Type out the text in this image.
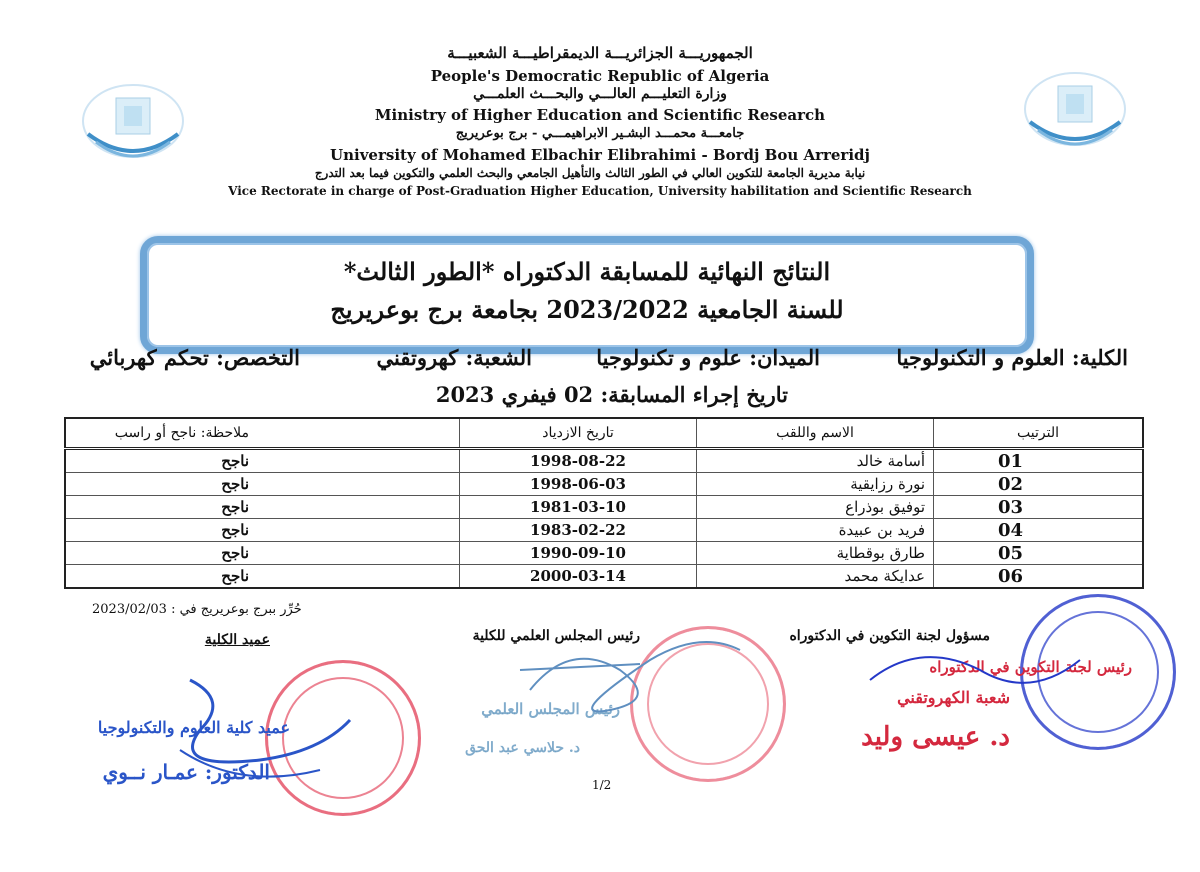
الجمهوريـــة الجزائريـــة الديمقراطيـــة الشعبيـــة
People's Democratic Republic of Algeria
وزارة التعليـــم العالـــي والبحـــث العلمـــي
Ministry of Higher Education and Scientific Research
جامعـــة محمـــد البشـير الابراهيمـــي - برج بوعريريج
University of Mohamed Elbachir Elibrahimi - Bordj Bou Arreridj
نيابة مديرية الجامعة للتكوين العالي في الطور الثالث والتأهيل الجامعي والبحث العلمي والتكوين فيما بعد التدرج
Vice Rectorate in charge of Post-Graduation Higher Education, University habilitation and Scientific Research
النتائج النهائية للمسابقة الدكتوراه *الطور الثالث*
للسنة الجامعية 2023/2022 بجامعة برج بوعريريج
الكلية: العلوم و التكنولوجيا
الميدان: علوم و تكنولوجيا
الشعبة: كهروتقني
التخصص: تحكم كهربائي
تاريخ إجراء المسابقة: 02 فيفري 2023
ملاحظة: ناجح أو راسب	تاريخ الازدياد	الاسم واللقب	الترتيب
ناجح	1998-08-22	أسامة خالد	01
ناجح	1998-06-03	نورة رزايقية	02
ناجح	1981-03-10	توفيق بوذراع	03
ناجح	1983-02-22	فريد بن عبيدة	04
ناجح	1990-09-10	طارق بوقطاية	05
ناجح	2000-03-14	عدايكة محمد	06
حُرِّر ببرج بوعريريج في : 2023/02/03
مسؤول لجنة التكوين في الدكتوراه
رئيس المجلس العلمي للكلية
عميد الكلية
عميد كلية العلوم والتكنولوجيا
الدكتور: عمـار نــوي
رئيس المجلس العلمي
د. حلاسي عبد الحق
رئيس لجنة التكوين في الدكتوراه
شعبة الكهروتقني
د. عيسى وليد
1/2
